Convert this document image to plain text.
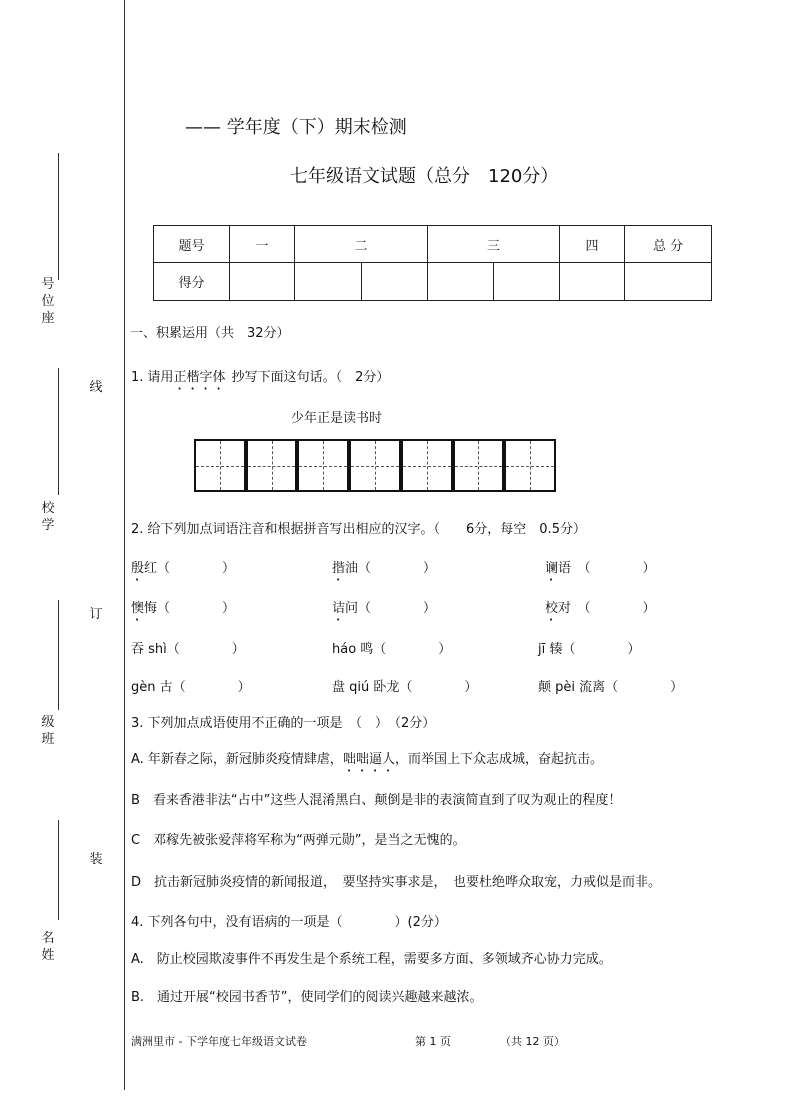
号位座
线
校学
订
级班
装
名姓
—— 学年度（下）期末检测
七年级语文试题（总分　120分）
题号	一	二		三		四	总 分
得分							
一、积累运用（共　32分）
1. 请用正楷字体 抄写下面这句话。（　2分）
少年正是读书时
2. 给下列加点词语注音和根据拼音写出相应的汉字。（　　6分，每空　0.5分）
殷红（　　　　）	揩油（　　　　）	谰语　（　　　　）
懊悔（　　　　）	诘问（　　　　）	校对　（　　　　）
吞 shì（　　　　）	háo 鸣（　　　　）	jī 辏（　　　　）
gèn 古（　　　　）	盘 qiú 卧龙（　　　　）	颠 pèi 流离（　　　　）
3. 下列加点成语使用不正确的一项是　（　）　（2分）
A. 年新春之际，新冠肺炎疫情肆虐，咄咄逼人，而举国上下众志成城，奋起抗击。
B　看来香港非法“占中”这些人混淆黑白、颠倒是非的表演简直到了叹为观止的程度！
C　邓稼先被张爱萍将军称为“两弹元勋”，是当之无愧的。
D　抗击新冠肺炎疫情的新闻报道，　要坚持实事求是，　也要杜绝哗众取宠，力戒似是而非。
4. 下列各句中，没有语病的一项是（　　　　）(2分）
A.　防止校园欺凌事件不再发生是个系统工程，需要多方面、多领域齐心协力完成。
B.　通过开展“校园书香节”，使同学们的阅读兴趣越来越浓。
满洲里市 - 下学年度七年级语文试卷	第 1 页	（共 12 页）
